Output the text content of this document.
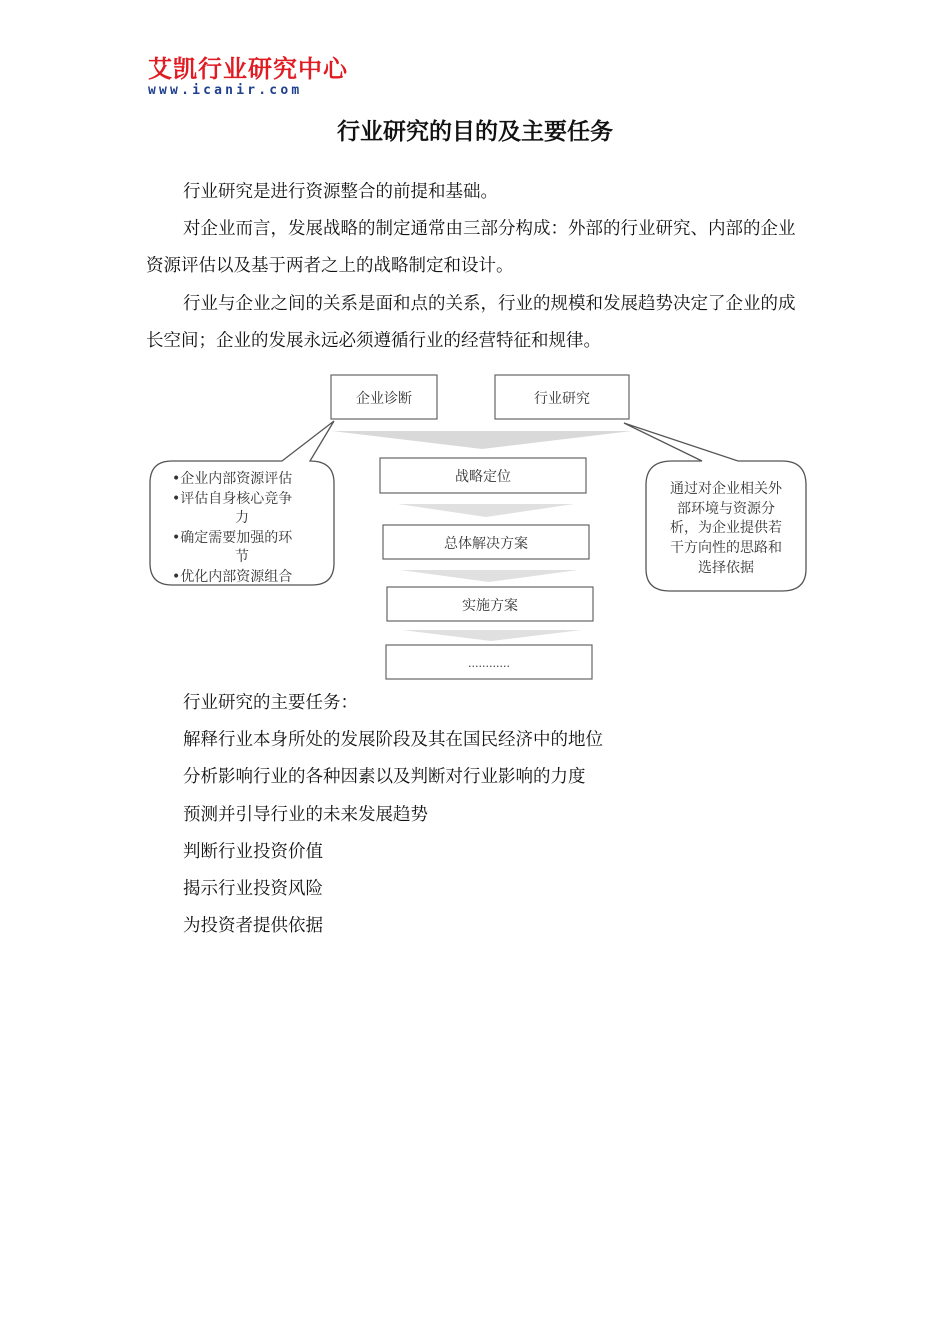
艾凯行业研究中心
www.icanir.com
行业研究的目的及主要任务
行业研究是进行资源整合的前提和基础。
对企业而言，发展战略的制定通常由三部分构成：外部的行业研究、内部的企业资源评估以及基于两者之上的战略制定和设计。
行业与企业之间的关系是面和点的关系，行业的规模和发展趋势决定了企业的成长空间；企业的发展永远必须遵循行业的经营特征和规律。
企业诊断	行业研究
战略定位
总体解决方案
实施方案
............
•企业内部资源评估
•评估自身核心竞争
力
•确定需要加强的环
节
•优化内部资源组合
通过对企业相关外
部环境与资源分
析，为企业提供若
干方向性的思路和
选择依据
行业研究的主要任务：
解释行业本身所处的发展阶段及其在国民经济中的地位
分析影响行业的各种因素以及判断对行业影响的力度
预测并引导行业的未来发展趋势
判断行业投资价值
揭示行业投资风险
为投资者提供依据
